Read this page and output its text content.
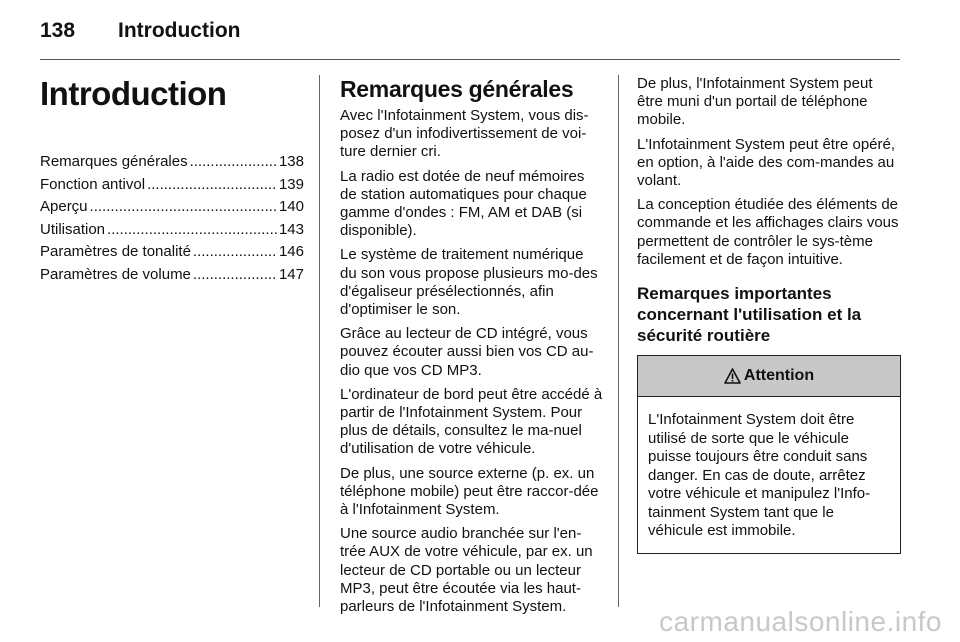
138 Introduction
Introduction
Remarques générales .....	138
Fonction antivol .....	139
Aperçu .....	140
Utilisation .....	143
Paramètres de tonalité .....	146
Paramètres de volume .....	147
Remarques générales

Avec l'Infotainment System, vous dis-posez d'un infodivertissement de voi-ture dernier cri.

La radio est dotée de neuf mémoires de station automatiques pour chaque gamme d'ondes : FM, AM et DAB (si disponible).

Le système de traitement numérique du son vous propose plusieurs mo-des d'égaliseur présélectionnés, afin d'optimiser le son.

Grâce au lecteur de CD intégré, vous pouvez écouter aussi bien vos CD au-dio que vos CD MP3.

L'ordinateur de bord peut être accédé à partir de l'Infotainment System. Pour plus de détails, consultez le ma-nuel d'utilisation de votre véhicule.

De plus, une source externe (p. ex. un téléphone mobile) peut être raccor-dée à l'Infotainment System.

Une source audio branchée sur l'en-trée AUX de votre véhicule, par ex. un lecteur de CD portable ou un lecteur MP3, peut être écoutée via les haut-parleurs de l'Infotainment System.

De plus, l'Infotainment System peut être muni d'un portail de téléphone mobile.

L'Infotainment System peut être opéré, en option, à l'aide des com-mandes au volant.

La conception étudiée des éléments de commande et les affichages clairs vous permettent de contrôler le sys-tème facilement et de façon intuitive.

Remarques importantes concernant l'utilisation et la sécurité routière
Attention
L'Infotainment System doit être utilisé de sorte que le véhicule puisse toujours être conduit sans danger. En cas de doute, arrêtez votre véhicule et manipulez l'Info-tainment System tant que le véhicule est immobile.
carmanualsonline.info
